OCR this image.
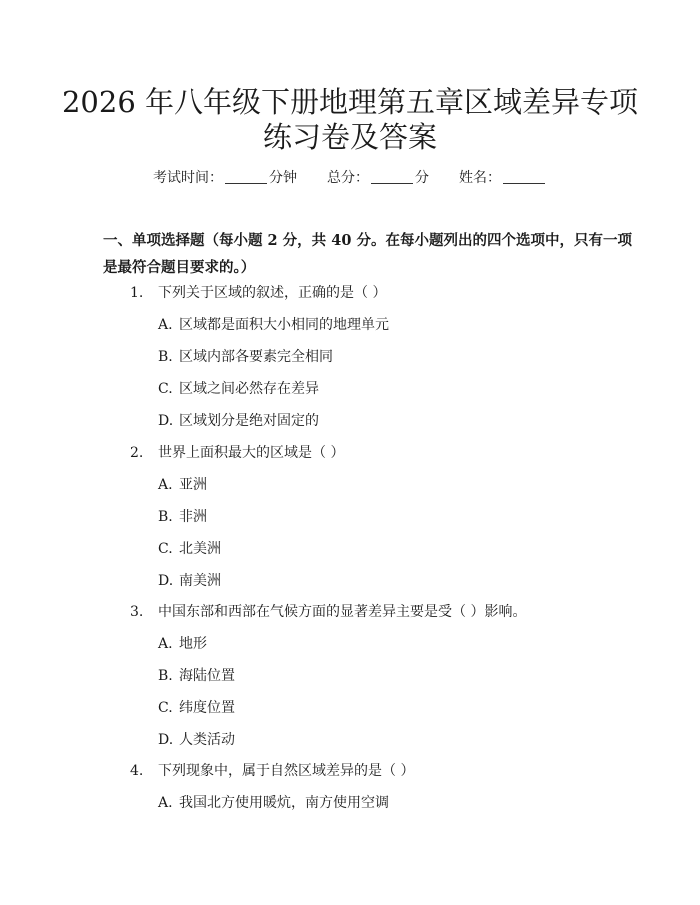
2026 年八年级下册地理第五章区域差异专项
练习卷及答案
考试时间：	分钟 总分：	分 姓名：
一、单项选择题（每小题 2 分，共 40 分。在每小题列出的四个选项中，只有一项
是最符合题目要求的。）
1. 下列关于区域的叙述，正确的是（ ）
A. 区域都是面积大小相同的地理单元
B. 区域内部各要素完全相同
C. 区域之间必然存在差异
D. 区域划分是绝对固定的
2. 世界上面积最大的区域是（ ）
A. 亚洲
B. 非洲
C. 北美洲
D. 南美洲
3. 中国东部和西部在气候方面的显著差异主要是受（ ）影响。
A. 地形
B. 海陆位置
C. 纬度位置
D. 人类活动
4. 下列现象中，属于自然区域差异的是（ ）
A. 我国北方使用暖炕，南方使用空调
